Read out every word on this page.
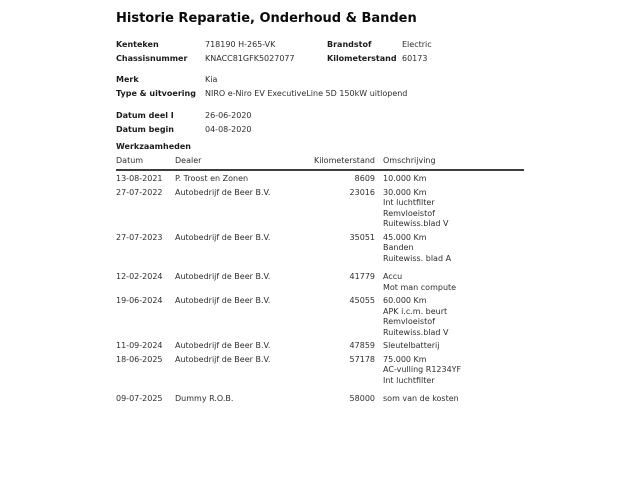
Historie Reparatie, Onderhoud & Banden
Kenteken	718190 H-265-VK	Brandstof	Electric
Chassisnummer	KNACC81GFK5027077	Kilometerstand 60173
Merk	Kia
Type & uitvoering	NIRO e-Niro EV ExecutiveLine 5D 150kW uitlopend
Datum deel I	26-06-2020
Datum begin	04-08-2020
Werkzaamheden
Datum	Dealer	Kilometerstand	Omschrijving
13-08-2021	P. Troost en Zonen	8609	10.000 Km
27-07-2022	Autobedrijf de Beer B.V.	23016	30.000 Km
Int luchtfilter
Remvloeistof
Ruitewiss.blad V
27-07-2023	Autobedrijf de Beer B.V.	35051	45.000 Km
Banden
Ruitewiss. blad A
12-02-2024	Autobedrijf de Beer B.V.	41779	Accu
Mot man compute
19-06-2024	Autobedrijf de Beer B.V.	45055	60.000 Km
APK i.c.m. beurt
Remvloeistof
Ruitewiss.blad V
11-09-2024	Autobedrijf de Beer B.V.	47859	Sleutelbatterij
18-06-2025	Autobedrijf de Beer B.V.	57178	75.000 Km
AC-vulling R1234YF
Int luchtfilter
09-07-2025	Dummy R.O.B.	58000	som van de kosten
